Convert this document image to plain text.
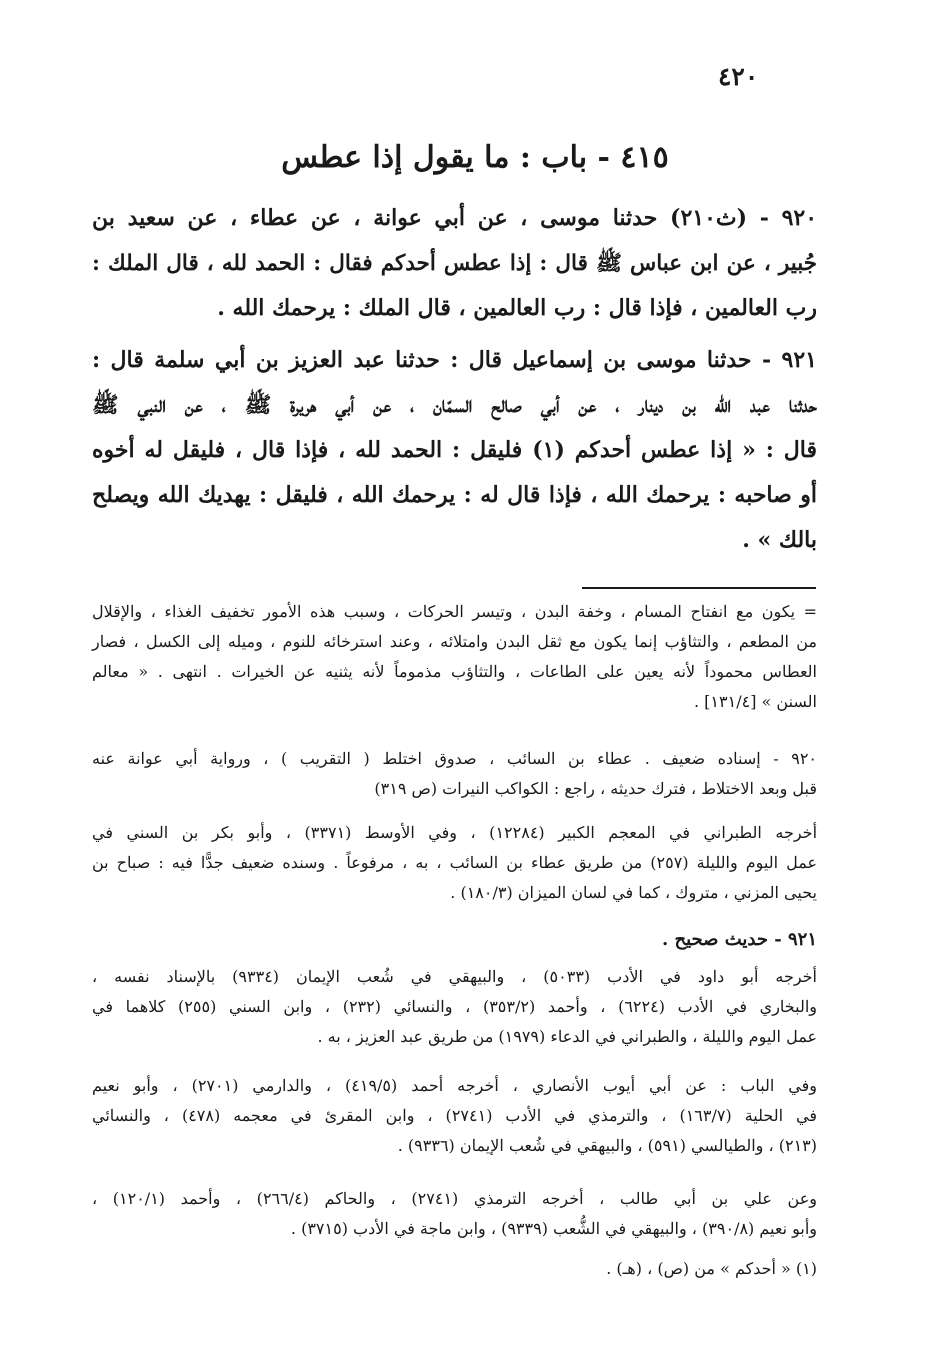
٤٢٠
٤١٥ - باب : ما يقول إذا عطس
٩٢٠ - (ث٢١٠) حدثنا موسى ، عن أبي عوانة ، عن عطاء ، عن سعيد بن
جُبير ، عن ابن عباس ﷺ قال : إذا عطس أحدكم فقال : الحمد لله ، قال الملك :
رب العالمين ، فإذا قال : رب العالمين ، قال الملك : يرحمك الله .
٩٢١ - حدثنا موسى بن إسماعيل قال : حدثنا عبد العزيز بن أبي سلمة قال :
حدثنا عبد الله بن دينار ، عن أبي صالح السمّان ، عن أبي هريرة ﷺ ، عن النبي ﷺ
قال : « إذا عطس أحدكم (١) فليقل : الحمد لله ، فإذا قال ، فليقل له أخوه
أو صاحبه : يرحمك الله ، فإذا قال له : يرحمك الله ، فليقل : يهديك الله ويصلح
بالك » .
= يكون مع انفتاح المسام ، وخفة البدن ، وتيسر الحركات ، وسبب هذه الأمور تخفيف الغذاء ، والإقلال
من المطعم ، والتثاؤب إنما يكون مع ثقل البدن وامتلائه ، وعند استرخائه للنوم ، وميله إلى الكسل ، فصار
العطاس محموداً لأنه يعين على الطاعات ، والتثاؤب مذموماً لأنه يثنيه عن الخيرات . انتهى . « معالم
السنن » [١٣١/٤] .
٩٢٠ - إسناده ضعيف . عطاء بن السائب ، صدوق اختلط ( التقريب ) ، ورواية أبي عوانة عنه
قبل وبعد الاختلاط ، فترك حديثه ، راجع : الكواكب النيرات (ص ٣١٩)
أخرجه الطبراني في المعجم الكبير (١٢٢٨٤) ، وفي الأوسط (٣٣٧١) ، وأبو بكر بن السني في
عمل اليوم والليلة (٢٥٧) من طريق عطاء بن السائب ، به ، مرفوعاً . وسنده ضعيف جدًّا فيه : صباح بن
يحيى المزني ، متروك ، كما في لسان الميزان (١٨٠/٣) .
٩٢١ - حديث صحيح .
أخرجه أبو داود في الأدب (٥٠٣٣) ، والبيهقي في شُعب الإيمان (٩٣٣٤) بالإسناد نفسه ،
والبخاري في الأدب (٦٢٢٤) ، وأحمد (٣٥٣/٢) ، والنسائي (٢٣٢) ، وابن السني (٢٥٥) كلاهما في
عمل اليوم والليلة ، والطبراني في الدعاء (١٩٧٩) من طريق عبد العزيز ، به .
وفي الباب : عن أبي أيوب الأنصاري ، أخرجه أحمد (٤١٩/٥) ، والدارمي (٢٧٠١) ، وأبو نعيم
في الحلية (١٦٣/٧) ، والترمذي في الأدب (٢٧٤١) ، وابن المقرئ في معجمه (٤٧٨) ، والنسائي
(٢١٣) ، والطيالسي (٥٩١) ، والبيهقي في شُعب الإيمان (٩٣٣٦) .
وعن علي بن أبي طالب ، أخرجه الترمذي (٢٧٤١) ، والحاكم (٢٦٦/٤) ، وأحمد (١٢٠/١) ،
وأبو نعيم (٣٩٠/٨) ، والبيهقي في الشُّعب (٩٣٣٩) ، وابن ماجة في الأدب (٣٧١٥) .
(١) « أحدكم » من (ص) ، (هـ) .
